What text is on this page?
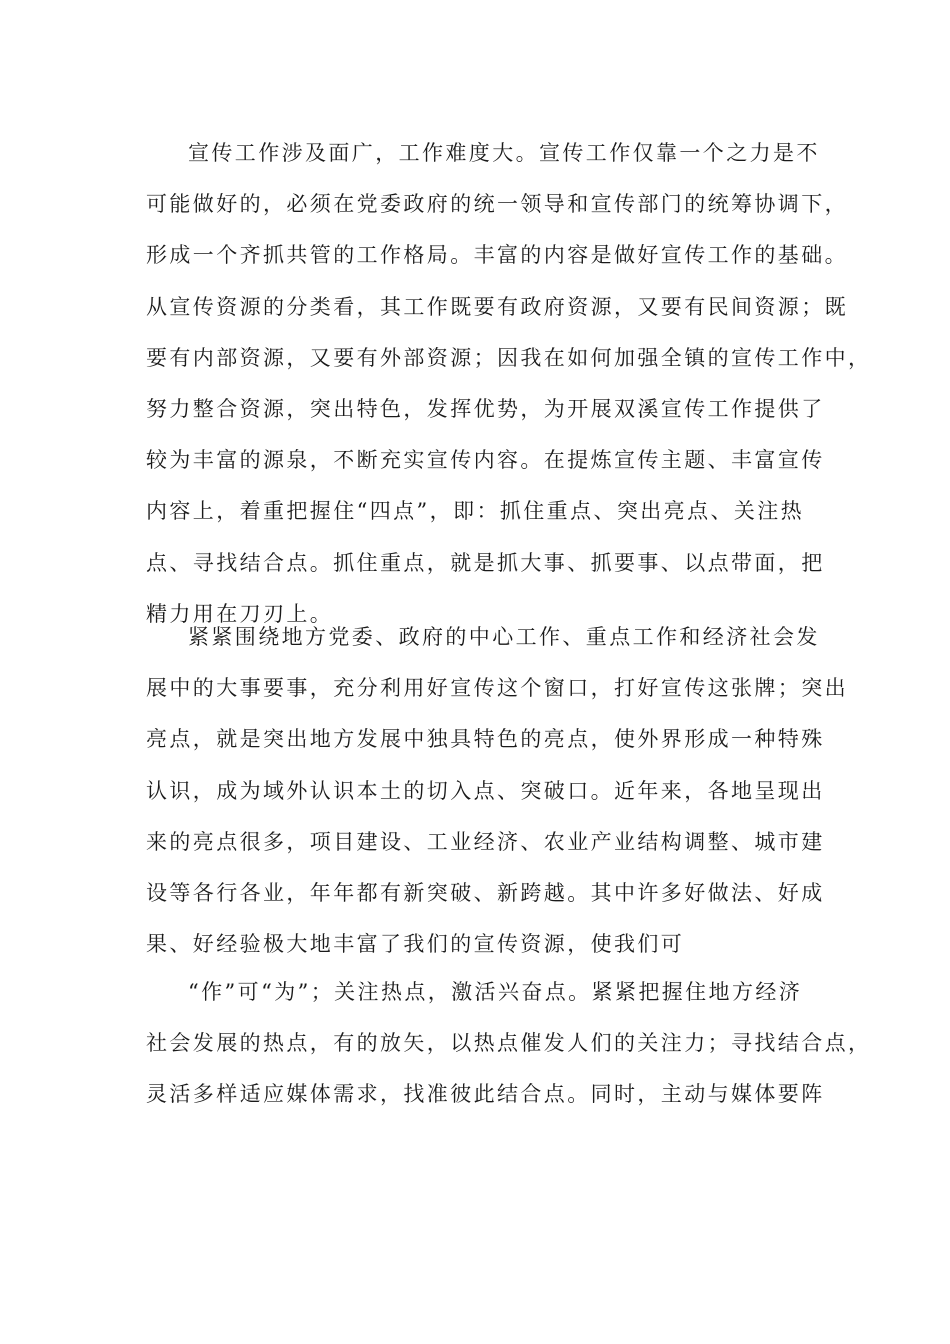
宣传工作涉及面广，工作难度大。宣传工作仅靠一个之力是不
可能做好的，必须在党委政府的统一领导和宣传部门的统筹协调下，
形成一个齐抓共管的工作格局。丰富的内容是做好宣传工作的基础。
从宣传资源的分类看，其工作既要有政府资源，又要有民间资源；既
要有内部资源，又要有外部资源；因我在如何加强全镇的宣传工作中，
努力整合资源，突出特色，发挥优势，为开展双溪宣传工作提供了
较为丰富的源泉，不断充实宣传内容。在提炼宣传主题、丰富宣传
内容上，着重把握住“四点”，即：抓住重点、突出亮点、关注热
点、寻找结合点。抓住重点，就是抓大事、抓要事、以点带面，把
精力用在刀刃上。
紧紧围绕地方党委、政府的中心工作、重点工作和经济社会发
展中的大事要事，充分利用好宣传这个窗口，打好宣传这张牌；突出
亮点，就是突出地方发展中独具特色的亮点，使外界形成一种特殊
认识，成为域外认识本土的切入点、突破口。近年来，各地呈现出
来的亮点很多，项目建设、工业经济、农业产业结构调整、城市建
设等各行各业，年年都有新突破、新跨越。其中许多好做法、好成
果、好经验极大地丰富了我们的宣传资源，使我们可
“作”可“为”；关注热点，激活兴奋点。紧紧把握住地方经济
社会发展的热点，有的放矢，以热点催发人们的关注力；寻找结合点，
灵活多样适应媒体需求，找准彼此结合点。同时，主动与媒体要阵
